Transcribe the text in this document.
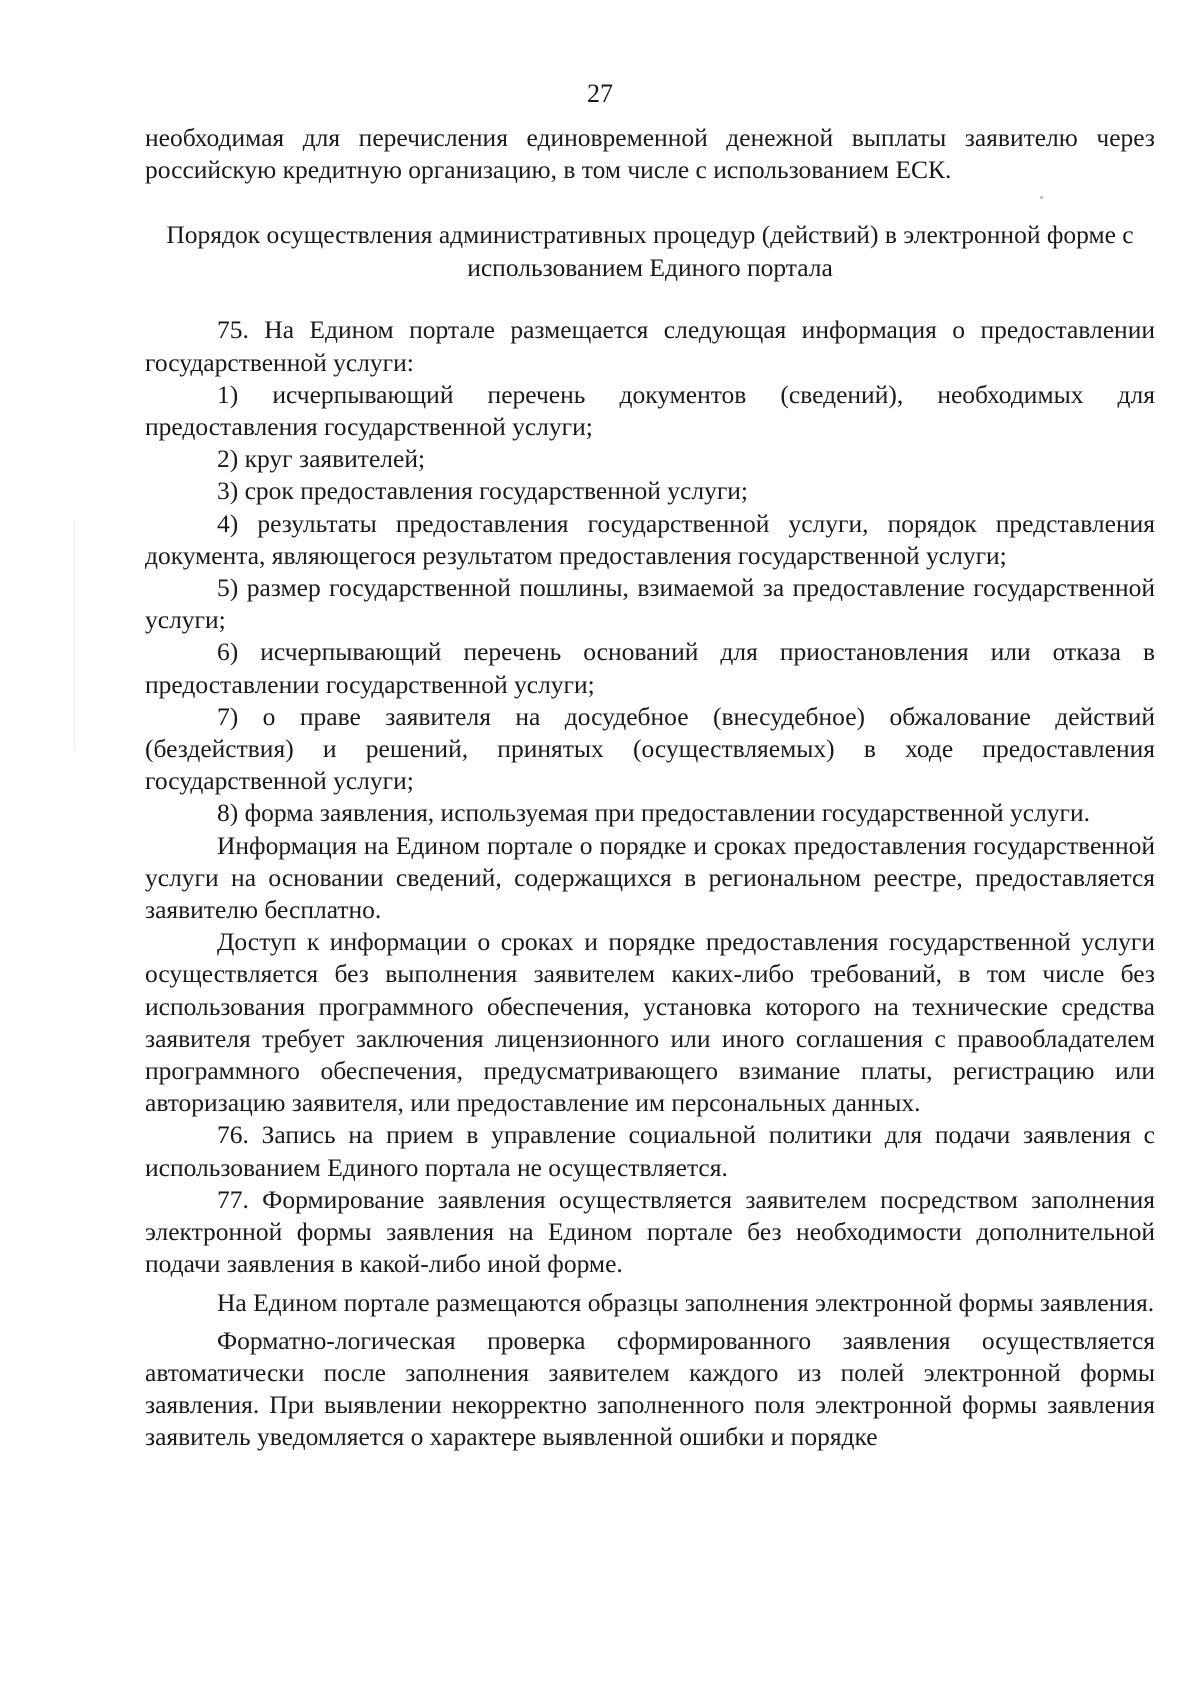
27

необходимая для перечисления единовременной денежной выплаты заявителю через российскую кредитную организацию, в том числе с использованием ЕСК.

Порядок осуществления административных процедур (действий) в электронной форме с использованием Единого портала

75. На Едином портале размещается следующая информация о предоставлении государственной услуги:

1) исчерпывающий перечень документов (сведений), необходимых для предоставления государственной услуги;

2) круг заявителей;

3) срок предоставления государственной услуги;

4) результаты предоставления государственной услуги, порядок представления документа, являющегося результатом предоставления государственной услуги;

5) размер государственной пошлины, взимаемой за предоставление государственной услуги;

6) исчерпывающий перечень оснований для приостановления или отказа в предоставлении государственной услуги;

7) о праве заявителя на досудебное (внесудебное) обжалование действий (бездействия) и решений, принятых (осуществляемых) в ходе предоставления государственной услуги;

8) форма заявления, используемая при предоставлении государственной услуги.

Информация на Едином портале о порядке и сроках предоставления государственной услуги на основании сведений, содержащихся в региональном реестре, предоставляется заявителю бесплатно.

Доступ к информации о сроках и порядке предоставления государственной услуги осуществляется без выполнения заявителем каких-либо требований, в том числе без использования программного обеспечения, установка которого на технические средства заявителя требует заключения лицензионного или иного соглашения с правообладателем программного обеспечения, предусматривающего взимание платы, регистрацию или авторизацию заявителя, или предоставление им персональных данных.

76. Запись на прием в управление социальной политики для подачи заявления с использованием Единого портала не осуществляется.

77. Формирование заявления осуществляется заявителем посредством заполнения электронной формы заявления на Едином портале без необходимости дополнительной подачи заявления в какой-либо иной форме.

На Едином портале размещаются образцы заполнения электронной формы заявления.

Форматно-логическая проверка сформированного заявления осуществляется автоматически после заполнения заявителем каждого из полей электронной формы заявления. При выявлении некорректно заполненного поля электронной формы заявления заявитель уведомляется о характере выявленной ошибки и порядке
